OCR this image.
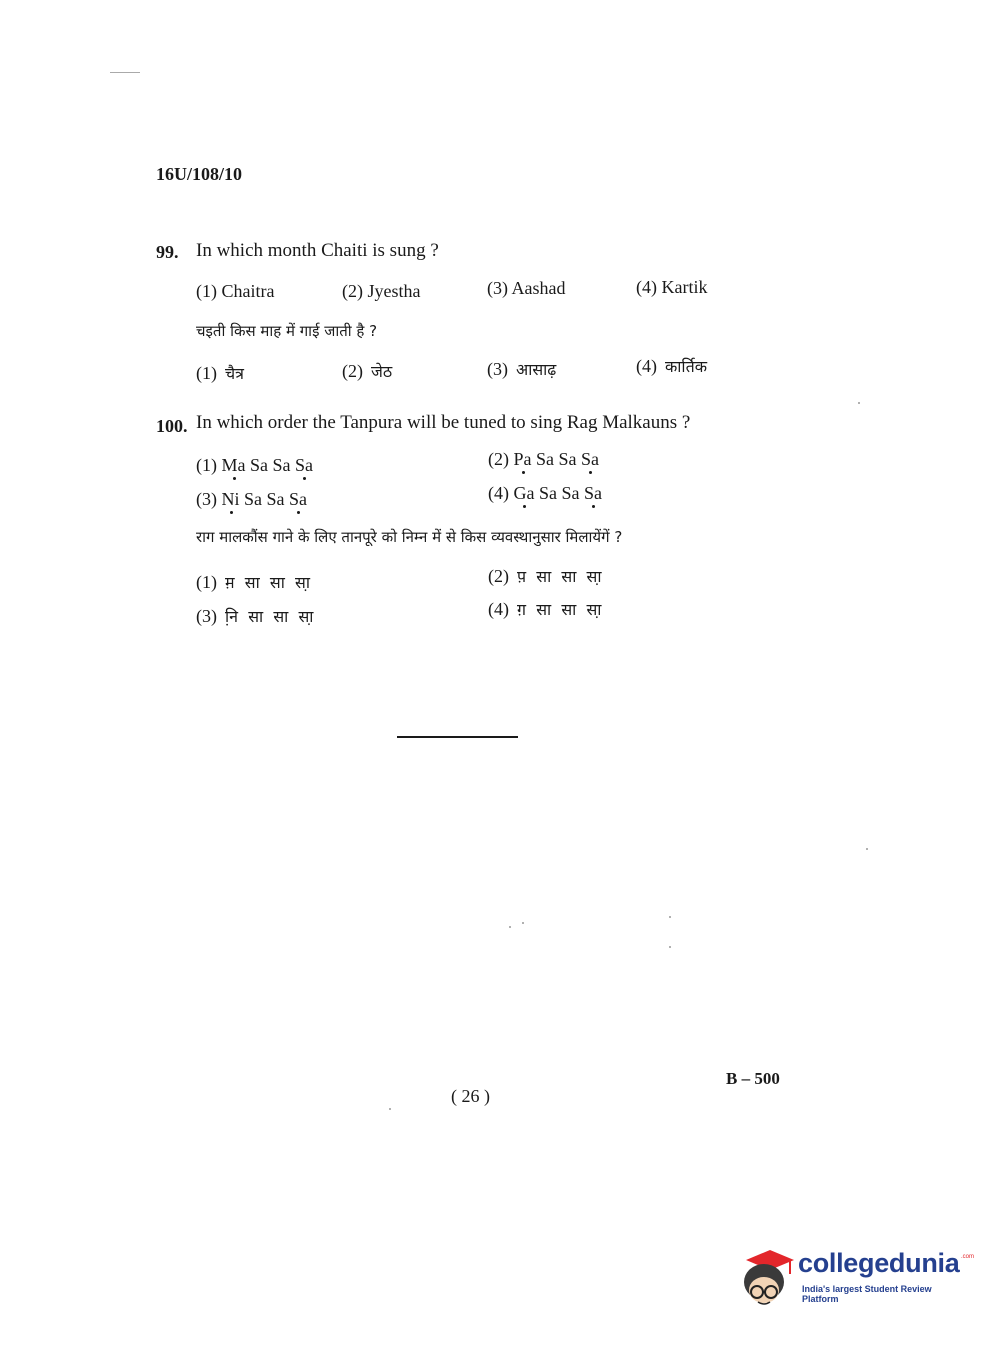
16U/108/10
99. In which month Chaiti is sung ?
(1) Chaitra	(2) Jyestha	(3) Aashad	(4) Kartik
चइती किस माह में गाई जाती है ?
(1) चैत्र	(2) जेठ	(3) आसाढ़	(4) कार्तिक
100. In which order the Tanpura will be tuned to sing Rag Malkauns ?
(1) Ma Sa Sa Sa	(2) Pa Sa Sa Sa
(3) Ni Sa Sa Sa	(4) Ga Sa Sa Sa
राग मालकौंस गाने के लिए तानपूरे को निम्न में से किस व्यवस्थानुसार मिलायेंगें ?
(1) म़ सा सा सा़	(2) प़ सा सा सा़
(3) नि़ सा सा सा़	(4) ग़ सा सा सा़
( 26 )
B – 500
collegedunia .com
India's largest Student Review Platform
